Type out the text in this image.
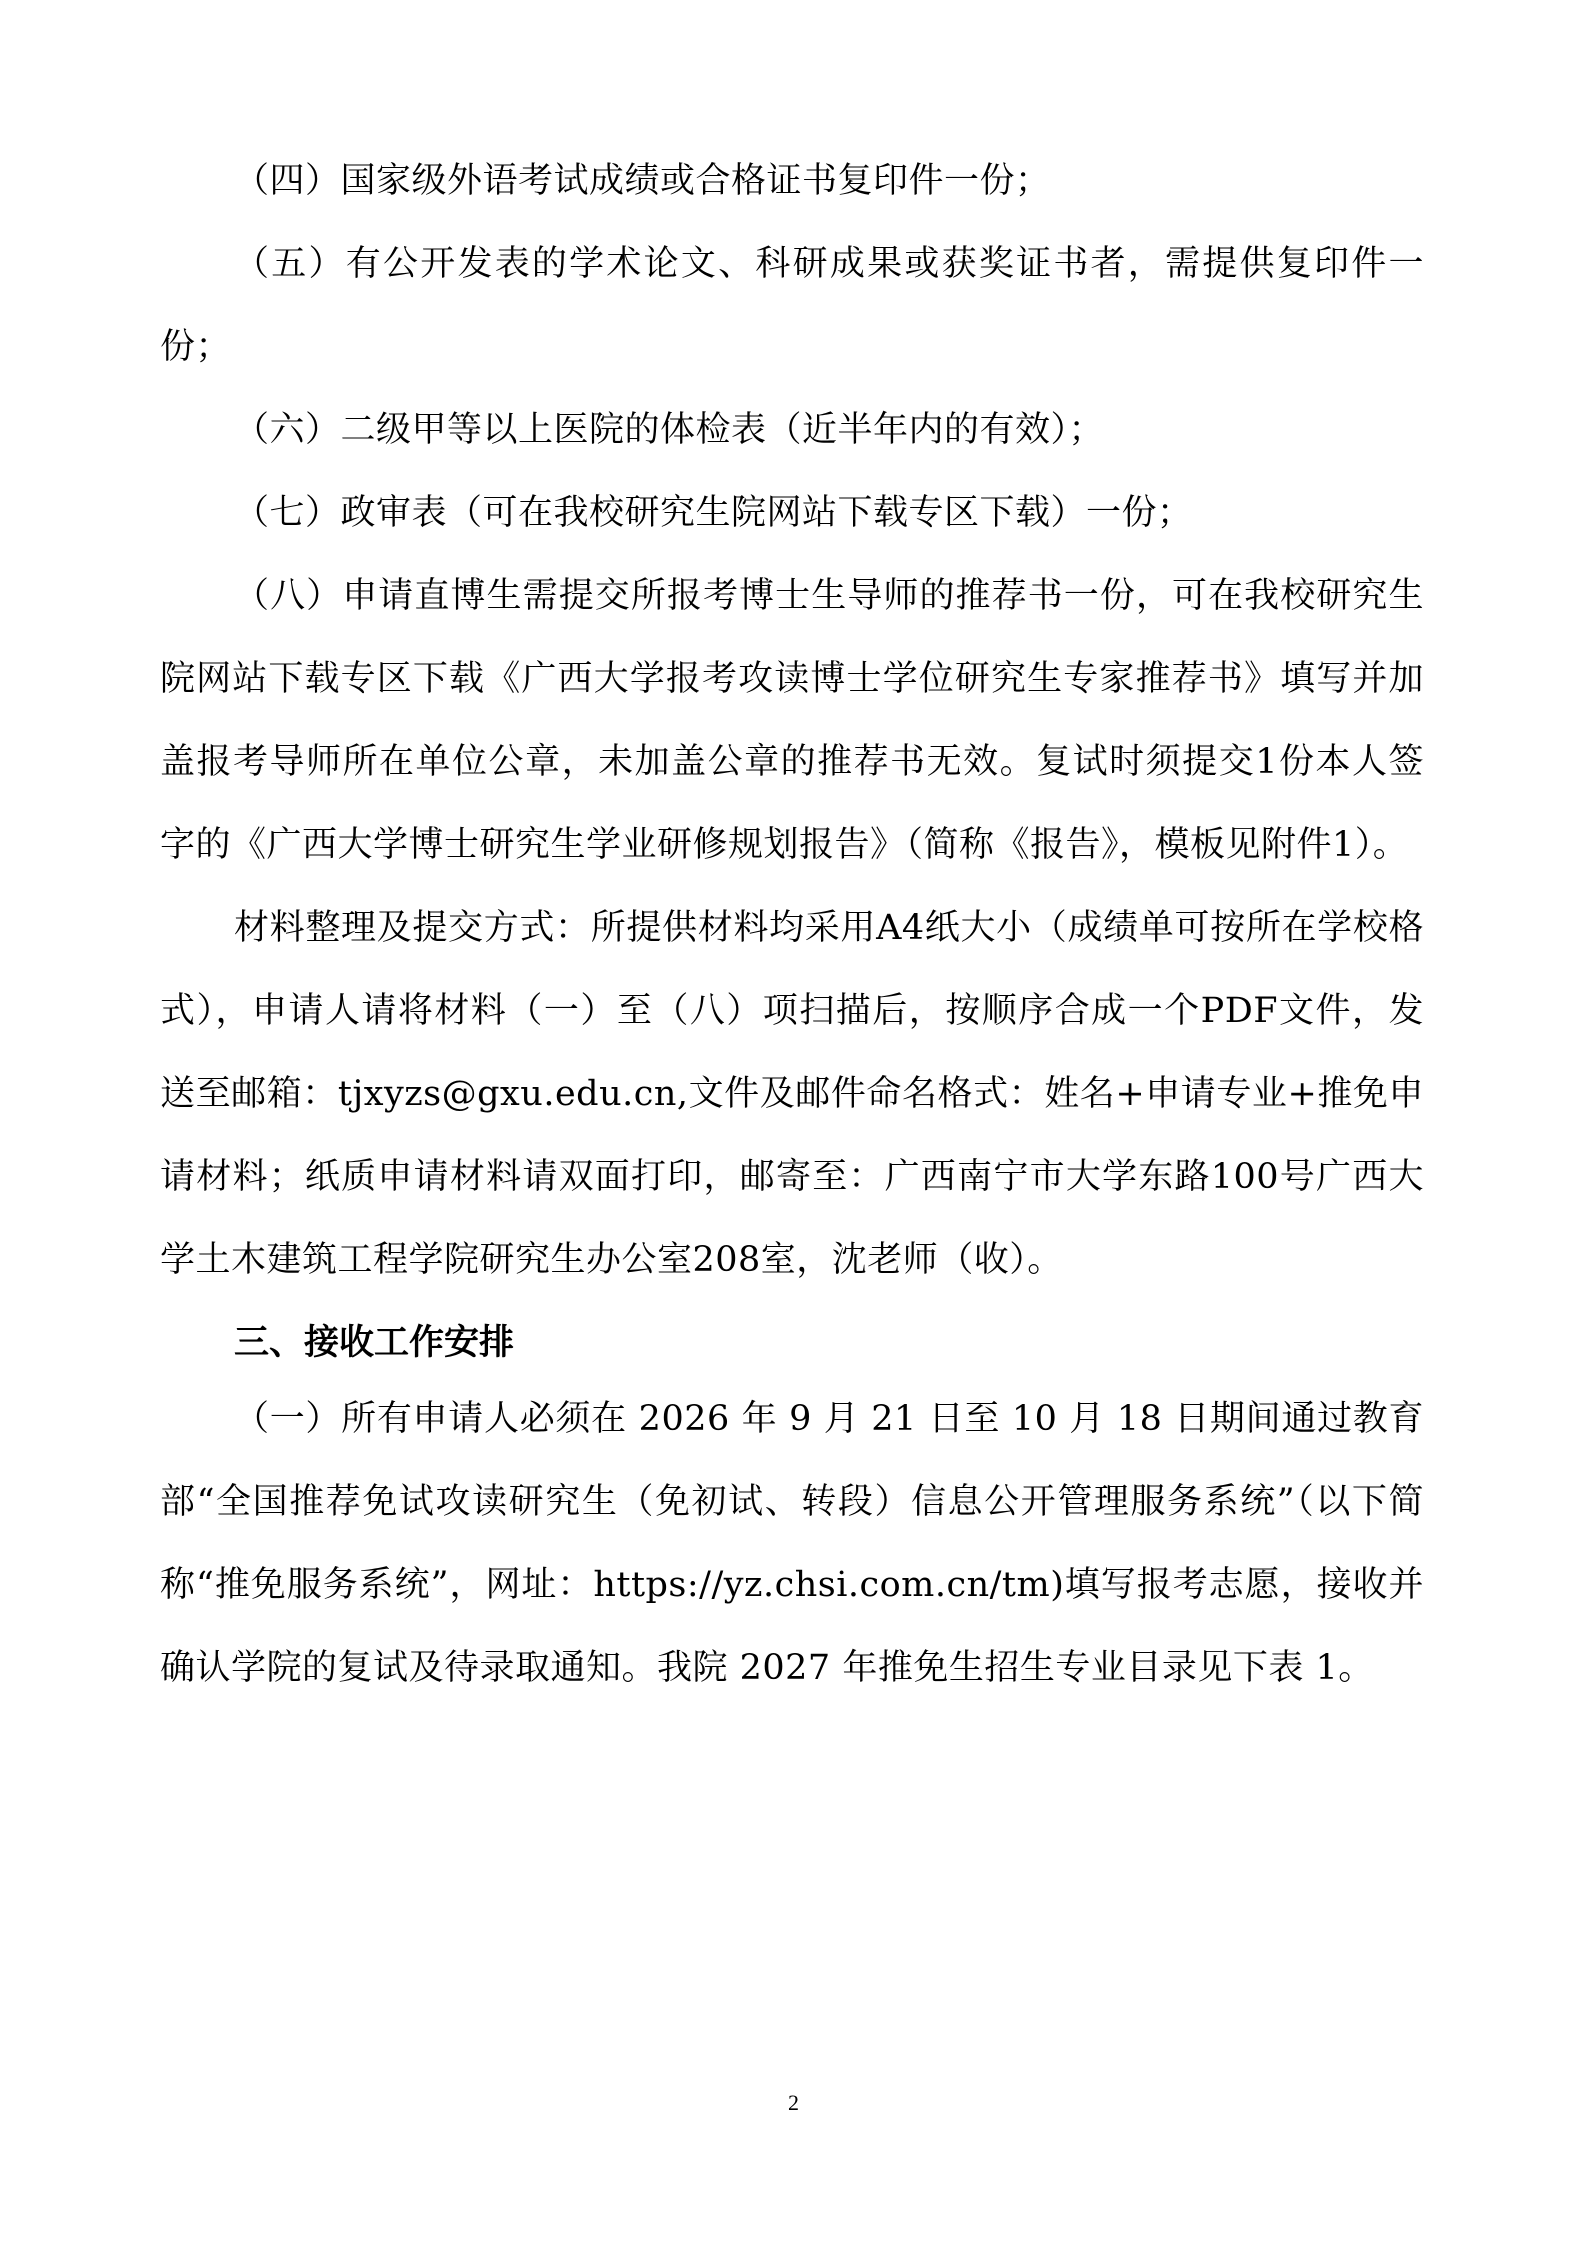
（四）国家级外语考试成绩或合格证书复印件一份；

（五）有公开发表的学术论文、科研成果或获奖证书者，需提供复印件一份；

（六）二级甲等以上医院的体检表（近半年内的有效）；

（七）政审表（可在我校研究生院网站下载专区下载）一份；

（八）申请直博生需提交所报考博士生导师的推荐书一份，可在我校研究生院网站下载专区下载《广西大学报考攻读博士学位研究生专家推荐书》填写并加盖报考导师所在单位公章，未加盖公章的推荐书无效。复试时须提交1份本人签字的《广西大学博士研究生学业研修规划报告》（简称《报告》，模板见附件1）。

材料整理及提交方式：所提供材料均采用A4纸大小（成绩单可按所在学校格式），申请人请将材料（一）至（八）项扫描后，按顺序合成一个PDF文件，发送至邮箱：tjxyzs@gxu.edu.cn,文件及邮件命名格式：姓名+申请专业+推免申请材料；纸质申请材料请双面打印，邮寄至：广西南宁市大学东路100号广西大学土木建筑工程学院研究生办公室208室，沈老师（收）。

三、接收工作安排

（一）所有申请人必须在 2026 年 9 月 21 日至 10 月 18 日期间通过教育部“全国推荐免试攻读研究生（免初试、转段）信息公开管理服务系统”（以下简称“推免服务系统”，网址：https://yz.chsi.com.cn/tm)填写报考志愿，接收并确认学院的复试及待录取通知。我院 2027 年推免生招生专业目录见下表 1。

2
